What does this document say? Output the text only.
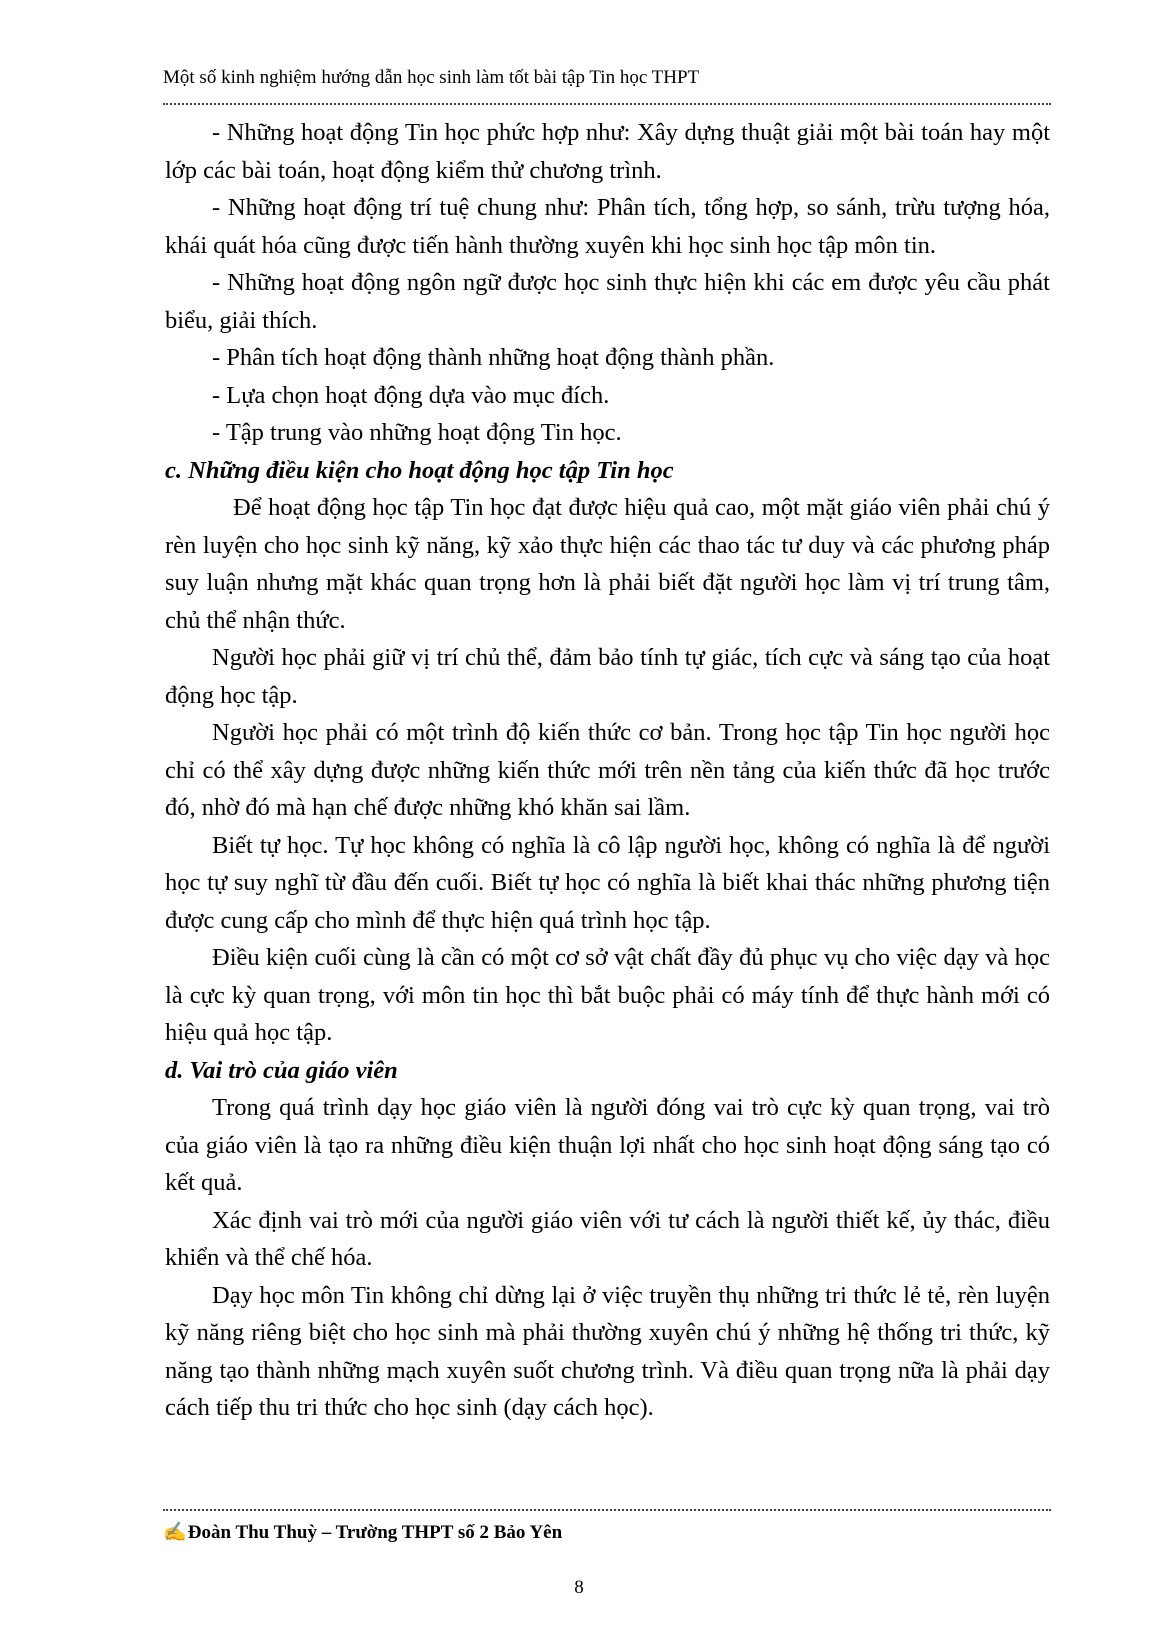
Một số kinh nghiệm hướng dẫn học sinh làm tốt bài tập Tin học THPT

- Những hoạt động Tin học phức hợp như: Xây dựng thuật giải một bài toán hay một lớp các bài toán, hoạt động kiểm thử chương trình.

- Những hoạt động trí tuệ chung như: Phân tích, tổng hợp, so sánh, trừu tượng hóa, khái quát hóa cũng được tiến hành thường xuyên khi học sinh học tập môn tin.

- Những hoạt động ngôn ngữ được học sinh thực hiện khi các em được yêu cầu phát biểu, giải thích.

- Phân tích hoạt động thành những hoạt động thành phần.

- Lựa chọn hoạt động dựa vào mục đích.

- Tập trung vào những hoạt động Tin học.

c. Những điều kiện cho hoạt động học tập Tin học

Để hoạt động học tập Tin học đạt được hiệu quả cao, một mặt giáo viên phải chú ý rèn luyện cho học sinh kỹ năng, kỹ xảo thực hiện các thao tác tư duy và các phương pháp suy luận nhưng mặt khác quan trọng hơn là phải biết đặt người học làm vị trí trung tâm, chủ thể nhận thức.

Người học phải giữ vị trí chủ thể, đảm bảo tính tự giác, tích cực và sáng tạo của hoạt động học tập.

Người học phải có một trình độ kiến thức cơ bản. Trong học tập Tin học người học chỉ có thể xây dựng được những kiến thức mới trên nền tảng của kiến thức đã học trước đó, nhờ đó mà hạn chế được những khó khăn sai lầm.

Biết tự học. Tự học không có nghĩa là cô lập người học, không có nghĩa là để người học tự suy nghĩ từ đầu đến cuối. Biết tự học có nghĩa là biết khai thác những phương tiện được cung cấp cho mình để thực hiện quá trình học tập.

Điều kiện cuối cùng là cần có một cơ sở vật chất đầy đủ phục vụ cho việc dạy và học là cực kỳ quan trọng, với môn tin học thì bắt buộc phải có máy tính để thực hành mới có hiệu quả học tập.

d. Vai trò của giáo viên

Trong quá trình dạy học giáo viên là người đóng vai trò cực kỳ quan trọng, vai trò của giáo viên là tạo ra những điều kiện thuận lợi nhất cho học sinh hoạt động sáng tạo có kết quả.

Xác định vai trò mới của người giáo viên với tư cách là người thiết kế, ủy thác, điều khiển và thể chế hóa.

Dạy học môn Tin không chỉ dừng lại ở việc truyền thụ những tri thức lẻ tẻ, rèn luyện kỹ năng riêng biệt cho học sinh mà phải thường xuyên chú ý những hệ thống tri thức, kỹ năng tạo thành những mạch xuyên suốt chương trình. Và điều quan trọng nữa là phải dạy cách tiếp thu tri thức cho học sinh (dạy cách học).

✍ Đoàn Thu Thuỳ – Trường THPT số 2 Bảo Yên
8
